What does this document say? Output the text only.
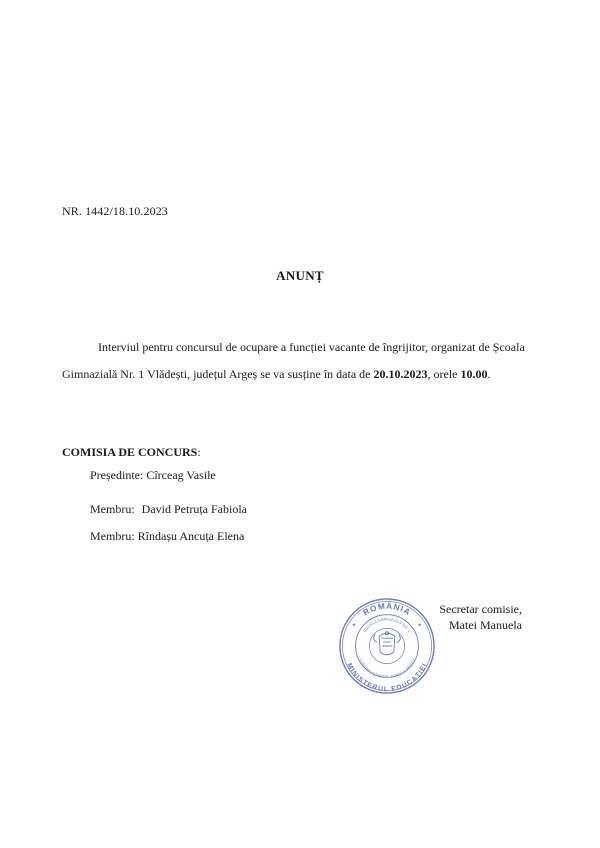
NR. 1442/18.10.2023
ANUNȚ
Interviul pentru concursul de ocupare a funcției vacante de îngrijitor, organizat de Școala
Gimnazială Nr. 1 Vlădești, județul Argeș se va susține în data de 20.10.2023, orele 10.00.
COMISIA DE CONCURS:
Președinte: Cîrceag Vasile
Membru: David Petruța Fabiola
Membru: Rîndașu Ancuța Elena
ROMÂNIA
MINISTERUL EDUCAȚIEI
ȘCOALA GIMNAZIALĂ NR. 1
COMUNA VLĂDEȘTI, JUDEȚUL ARGEȘ
★	★
Secretar comisie,
Matei Manuela
